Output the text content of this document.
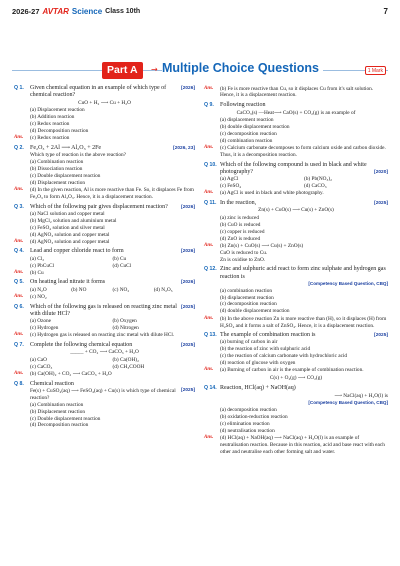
2026-27 AVTAR Science Class 10th	7
Part A	→ Multiple Choice Questions	1 Mark
Q 1.	[2026]
Given chemical equation in an example of which type of chemical reaction?
CuO + H₂ ⟶ Cu + H₂O
(a) Displacement reaction
(b) Addition reaction
(c) Redox reaction
(d) Decomposition reaction
Ans.	(c) Redox reaction
Q 2.	[2026, 23]
Fe₂O₃ + 2Al ⟶ Al₂O₃ + 2Fe
Which type of reaction is the above reaction?
(a) Combination reaction
(b) Dissociation reaction
(c) Double displacement reaction
(d) Displacement reaction
Ans.	(d) In the given reaction, Al is more reactive than Fe. So, it displaces Fe from Fe₂O₃ to form Al₂O₃. Hence, it is a displacement reaction.
Q 3.	Which of the following pair gives displacement reaction?	[2026]
(a) NaCl solution and copper metal
(b) MgCl₂ solution and aluminium metal
(c) FeSO₄ solution and silver metal
(d) AgNO₃ solution and copper metal
Ans.	(d) AgNO₃ solution and copper metal
Q 4.	[2026]
Lead and copper chloride react to form
(a) Cl₂	(b) Cu
(c) PbCuCl	(d) CuCl
Ans.	(b) Cu
Q 5.	[2026]
On heating lead nitrate it forms
(a) N₂O	(b) NO	(c) NO₂	(d) N₂O₅
Ans.	(c) NO₂
Q 6.	[2025]
Which of the following gas is released on reacting zinc metal with dilute HCl?
(a) Ozone	(b) Oxygen
(c) Hydrogen	(d) Nitrogen
Ans.	(c) Hydrogen gas is released on reacting zinc metal with dilute HCl.
Q 7.	[2025]
Complete the following chemical equation
_____ + CO₂ ⟶ CaCO₃ + H₂O
(a) CaO	(b) Ca(OH)₂
(c) CaCO₃	(d) CH₃COOH
Ans.	(b) Ca(OH)₂ + CO₂ ⟶ CaCO₃ + H₂O
Q 8.	Chemical reaction
[2025]
Fe(s) + CuSO₄(aq) ⟶ FeSO₄(aq) + Cu(s) is which type of chemical reaction?
(a) Combination reaction
(b) Displacement reaction
(c) Double displacement reaction
(d) Decomposition reaction
Ans.	(b) Fe is more reactive than Cu, so it displaces Cu from it's salt solution. Hence, it is a displacement reaction.
Q 9.	Following reaction
CaCO₃(s) —Heat⟶ CaO(s) + CO₂(g) is an example of
(a) displacement reaction
(b) double displacement reaction
(c) decomposition reaction
(d) combination reaction
Ans.	(c) Calcium carbonate decomposes to form calcium oxide and carbon dioxide. Thus, it is a decomposition reaction.
Q 10. Which of the following compound is used in black and white photography?	[2020]
(a) AgCl	(b) Pb(NO₃)₂
(c) FeSO₄	(d) CaCO₃
Ans.	(a) AgCl is used in black and white photography.
Q 11.	[2025]
In the reaction,
Zn(s) + CuO(s) ⟶ Cu(s) + ZnO(s)
(a) zinc is reduced
(b) CuO is reduced
(c) copper is reduced
(d) ZnO is reduced
Ans.	(b) Zn(s) + CuO(s) ⟶ Cu(s) + ZnO(s)
CuO is reduced to Cu.
Zn is oxidise to ZnO.
Q 12. Zinc and sulphuric acid react to form zinc sulphate and hydrogen gas reaction is
[Competency Based Question, CBQ]
(a) combination reaction
(b) displacement reaction
(c) decomposition reaction
(d) double displacement reaction
Ans.	(b) In the above reaction Zn is more reactive than (H), so it displaces (H) from H₂SO₄ and it forms a salt of ZnSO₄. Hence, it is a displacement reaction.
Q 13.	[2025]
The example of combination reaction is
(a) burning of carbon in air
(b) the reaction of zinc with sulphuric acid
(c) the reaction of calcium carbonate with hydrochloric acid
(d) reaction of glucose with oxygen
Ans.	(a) Burning of carbon in air is the example of combination reaction.
C(s) + O₂(g) ⟶ CO₂(g)
Q 14. Reaction, HCl(aq) + NaOH(aq)
⟶ NaCl(aq) + H₂O(l) is
[Competency Based Question, CBQ]
(a) decomposition reaction
(b) oxidation-reduction reaction
(c) elimination reaction
(d) neutralisation reaction
Ans.	(d) HCl(aq) + NaOH(aq) ⟶ NaCl(aq) + H₂O(l) is an example of neutralisation reaction. Because in this reaction, acid and base react with each other and neutralise each other forming salt and water.
